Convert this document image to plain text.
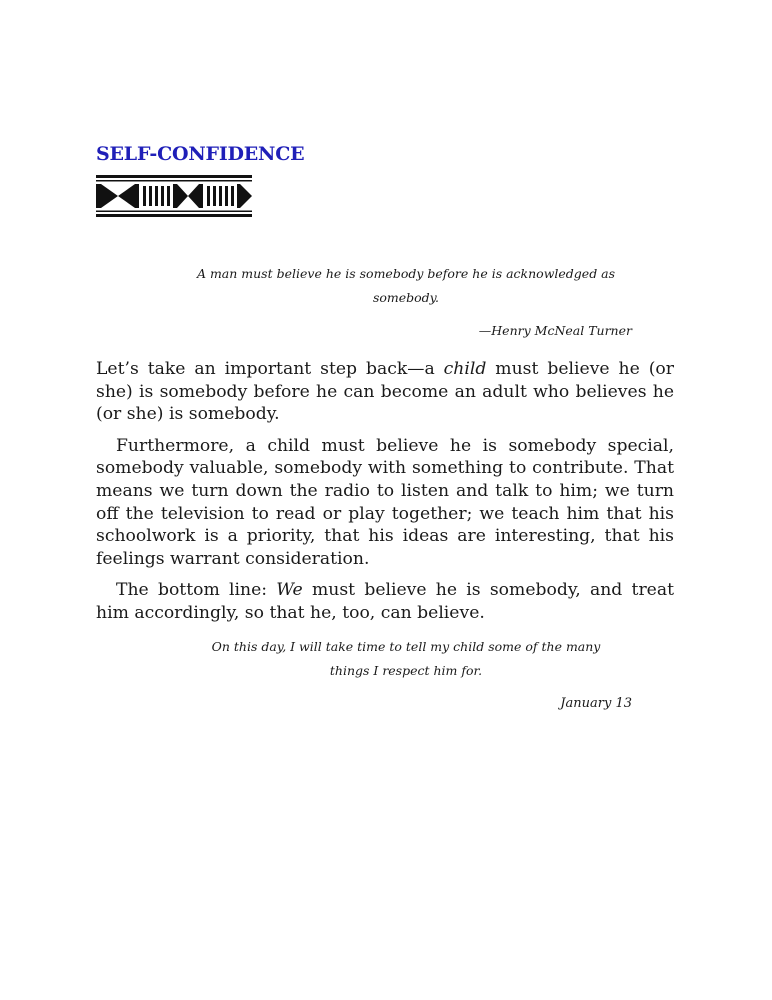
SELF-CONFIDENCE

A man must believe he is somebody before he is acknowledged as somebody.

—Henry McNeal Turner

Let’s take an important step back—a child must believe he (or she) is somebody before he can become an adult who believes he (or she) is somebody.

Furthermore, a child must believe he is somebody special, somebody valuable, somebody with something to contribute. That means we turn down the radio to listen and talk to him; we turn off the television to read or play together; we teach him that his schoolwork is a priority, that his ideas are interesting, that his feelings warrant consideration.

The bottom line: We must believe he is somebody, and treat him accordingly, so that he, too, can believe.

On this day, I will take time to tell my child some of the many things I respect him for.

January 13
